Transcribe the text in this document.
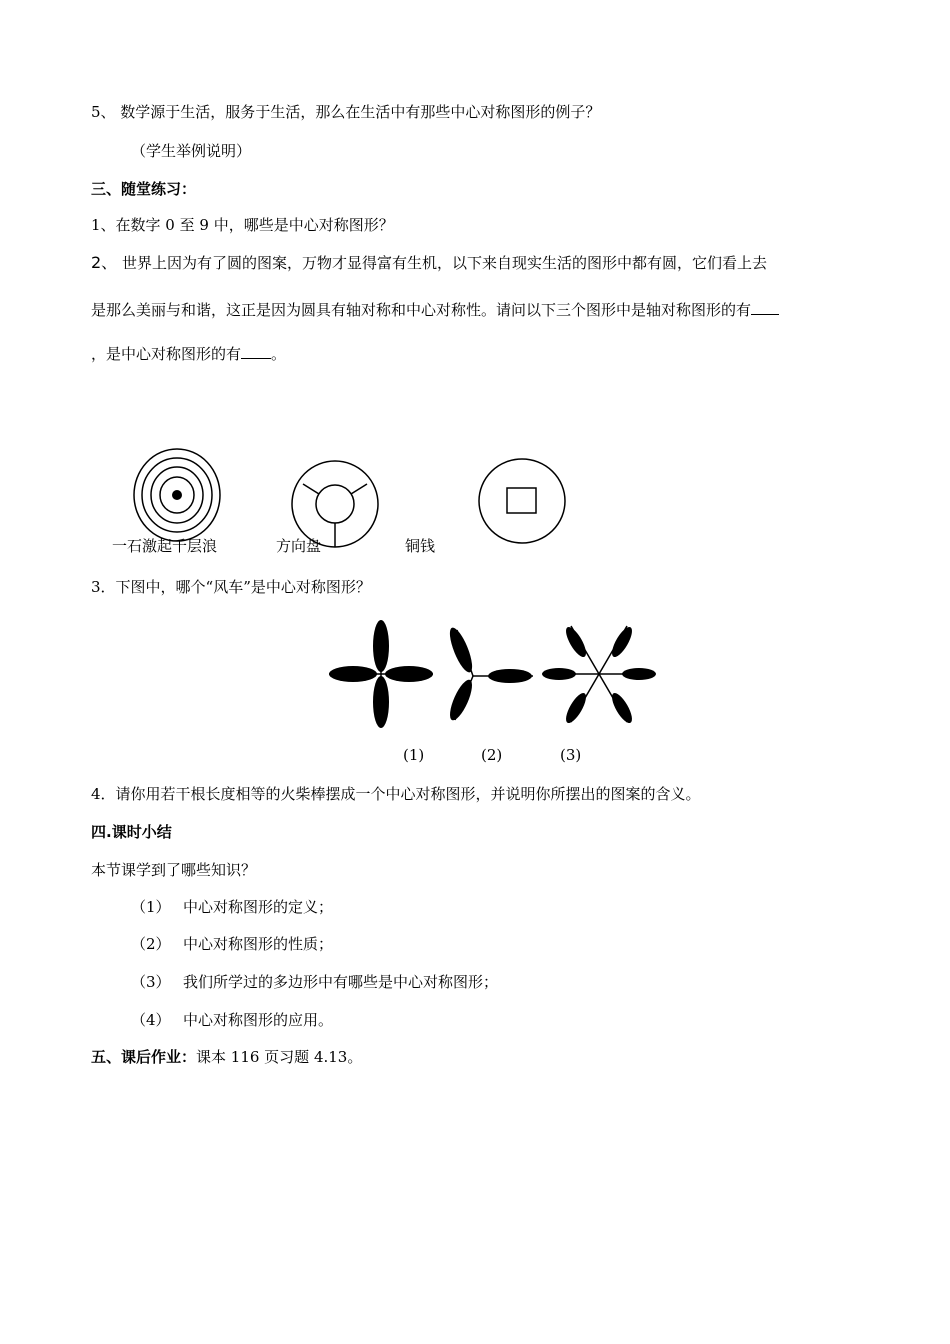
5、 数学源于生活，服务于生活，那么在生活中有那些中心对称图形的例子？
（学生举例说明）
三、随堂练习：
1、在数字 0 至 9 中，哪些是中心对称图形？
2、 世界上因为有了圆的图案，万物才显得富有生机，以下来自现实生活的图形中都有圆，它们看上去
是那么美丽与和谐，这正是因为圆具有轴对称和中心对称性。请问以下三个图形中是轴对称图形的有
，是中心对称图形的有 。
一石激起千层浪	方向盘	铜钱
3．下图中，哪个“风车”是中心对称图形？
(1)	(2)	(3)
4．请你用若干根长度相等的火柴棒摆成一个中心对称图形，并说明你所摆出的图案的含义。
四.课时小结
本节课学到了哪些知识？
（1） 中心对称图形的定义；
（2） 中心对称图形的性质；
（3） 我们所学过的多边形中有哪些是中心对称图形；
（4） 中心对称图形的应用。
五、课后作业：课本 116 页习题 4.13。
